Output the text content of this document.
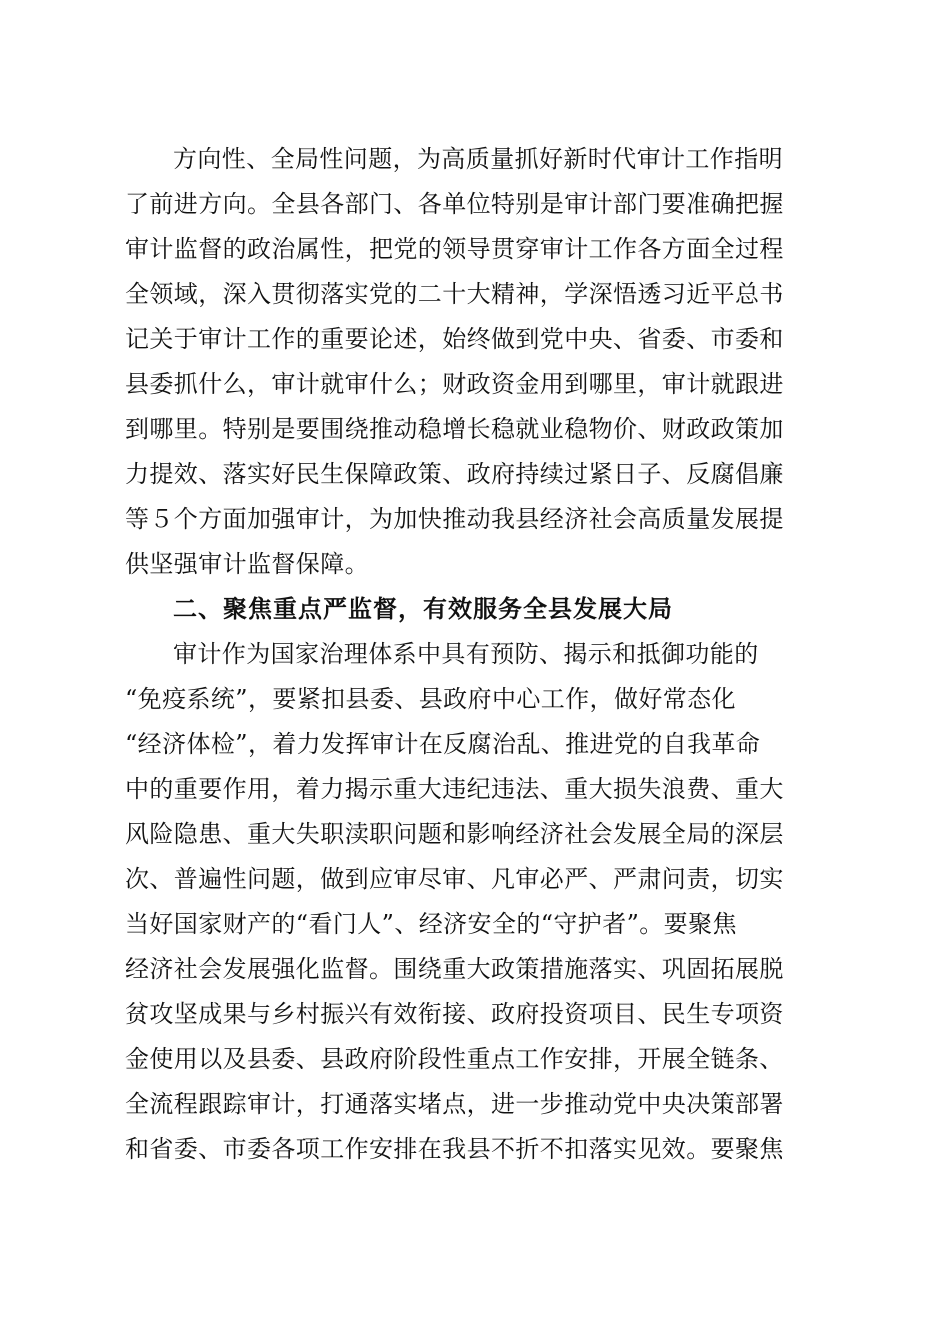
方向性、全局性问题，为高质量抓好新时代审计工作指明
了前进方向。全县各部门、各单位特别是审计部门要准确把握
审计监督的政治属性，把党的领导贯穿审计工作各方面全过程
全领域，深入贯彻落实党的二十大精神，学深悟透习近平总书
记关于审计工作的重要论述，始终做到党中央、省委、市委和
县委抓什么，审计就审什么；财政资金用到哪里，审计就跟进
到哪里。特别是要围绕推动稳增长稳就业稳物价、财政政策加
力提效、落实好民生保障政策、政府持续过紧日子、反腐倡廉
等５个方面加强审计，为加快推动我县经济社会高质量发展提
供坚强审计监督保障。
二、聚焦重点严监督，有效服务全县发展大局
审计作为国家治理体系中具有预防、揭示和抵御功能的
“免疫系统”，要紧扣县委、县政府中心工作，做好常态化
“经济体检”，着力发挥审计在反腐治乱、推进党的自我革命
中的重要作用，着力揭示重大违纪违法、重大损失浪费、重大
风险隐患、重大失职渎职问题和影响经济社会发展全局的深层
次、普遍性问题，做到应审尽审、凡审必严、严肃问责，切实
当好国家财产的“看门人”、经济安全的“守护者”。要聚焦
经济社会发展强化监督。围绕重大政策措施落实、巩固拓展脱
贫攻坚成果与乡村振兴有效衔接、政府投资项目、民生专项资
金使用以及县委、县政府阶段性重点工作安排，开展全链条、
全流程跟踪审计，打通落实堵点，进一步推动党中央决策部署
和省委、市委各项工作安排在我县不折不扣落实见效。要聚焦
